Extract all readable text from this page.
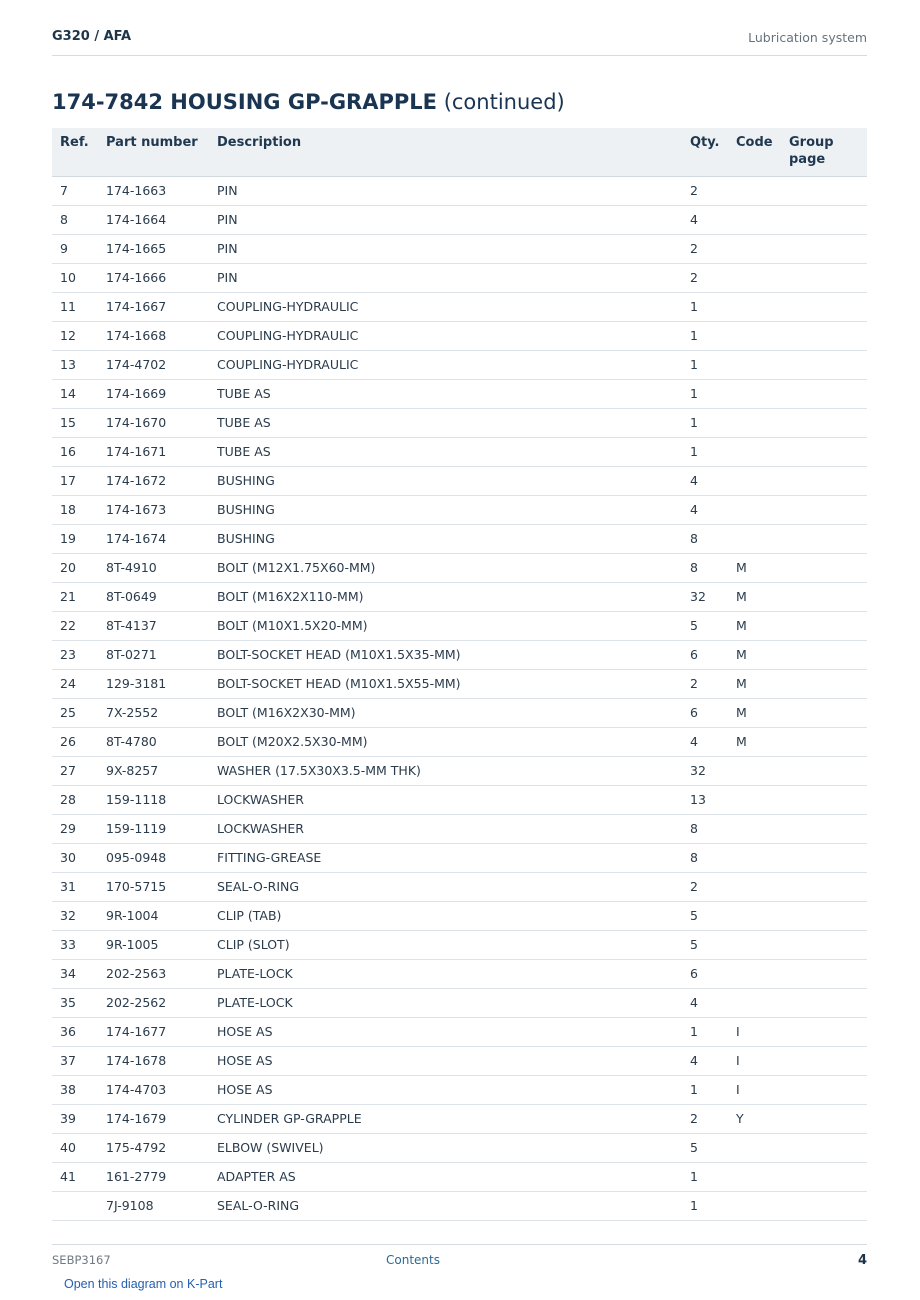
G320 / AFA	Lubrication system
174-7842 HOUSING GP-GRAPPLE (continued)
Ref.	Part number	Description	Qty.	Code	Group page
7	174-1663	PIN	2		
8	174-1664	PIN	4		
9	174-1665	PIN	2		
10	174-1666	PIN	2		
11	174-1667	COUPLING-HYDRAULIC	1		
12	174-1668	COUPLING-HYDRAULIC	1		
13	174-4702	COUPLING-HYDRAULIC	1		
14	174-1669	TUBE AS	1		
15	174-1670	TUBE AS	1		
16	174-1671	TUBE AS	1		
17	174-1672	BUSHING	4		
18	174-1673	BUSHING	4		
19	174-1674	BUSHING	8		
20	8T-4910	BOLT (M12X1.75X60-MM)	8	M	
21	8T-0649	BOLT (M16X2X110-MM)	32	M	
22	8T-4137	BOLT (M10X1.5X20-MM)	5	M	
23	8T-0271	BOLT-SOCKET HEAD (M10X1.5X35-MM)	6	M	
24	129-3181	BOLT-SOCKET HEAD (M10X1.5X55-MM)	2	M	
25	7X-2552	BOLT (M16X2X30-MM)	6	M	
26	8T-4780	BOLT (M20X2.5X30-MM)	4	M	
27	9X-8257	WASHER (17.5X30X3.5-MM THK)	32		
28	159-1118	LOCKWASHER	13		
29	159-1119	LOCKWASHER	8		
30	095-0948	FITTING-GREASE	8		
31	170-5715	SEAL-O-RING	2		
32	9R-1004	CLIP (TAB)	5		
33	9R-1005	CLIP (SLOT)	5		
34	202-2563	PLATE-LOCK	6		
35	202-2562	PLATE-LOCK	4		
36	174-1677	HOSE AS	1	I	
37	174-1678	HOSE AS	4	I	
38	174-4703	HOSE AS	1	I	
39	174-1679	CYLINDER GP-GRAPPLE	2	Y	
40	175-4792	ELBOW (SWIVEL)	5		
41	161-2779	ADAPTER AS	1		
	7J-9108	SEAL-O-RING	1		
SEBP3167	Contents	4
Open this diagram on K-Part
